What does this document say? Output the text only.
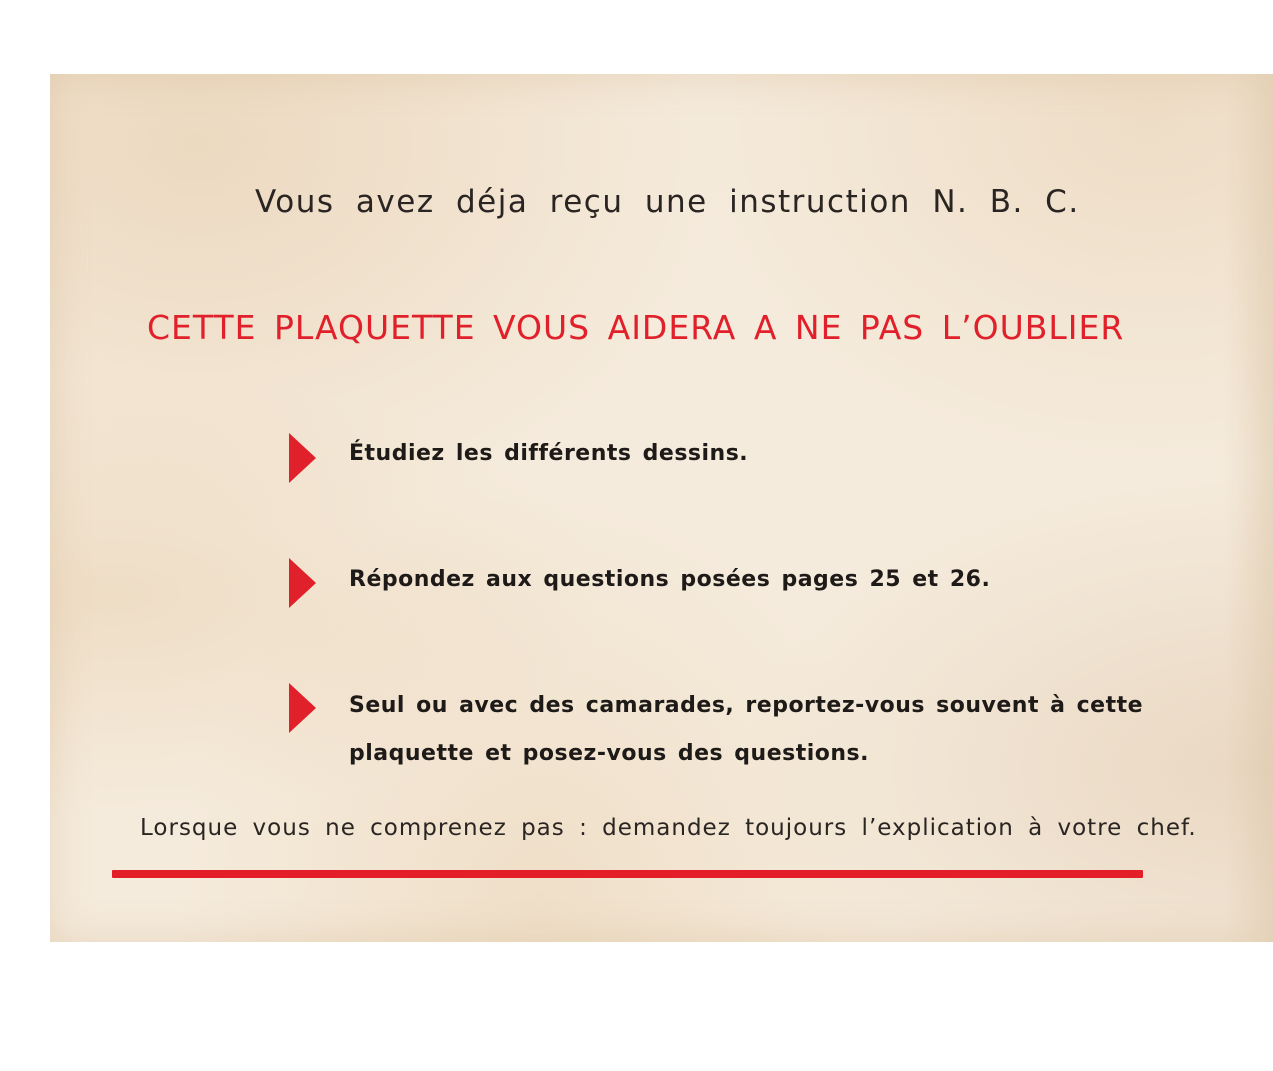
Vous avez déja reçu une instruction N. B. C.
CETTE PLAQUETTE VOUS AIDERA A NE PAS L’OUBLIER
Étudiez les différents dessins.
Répondez aux questions posées pages 25 et 26.
Seul ou avec des camarades, reportez-vous souvent à cette
plaquette et posez-vous des questions.
Lorsque vous ne comprenez pas : demandez toujours l’explication à votre chef.
